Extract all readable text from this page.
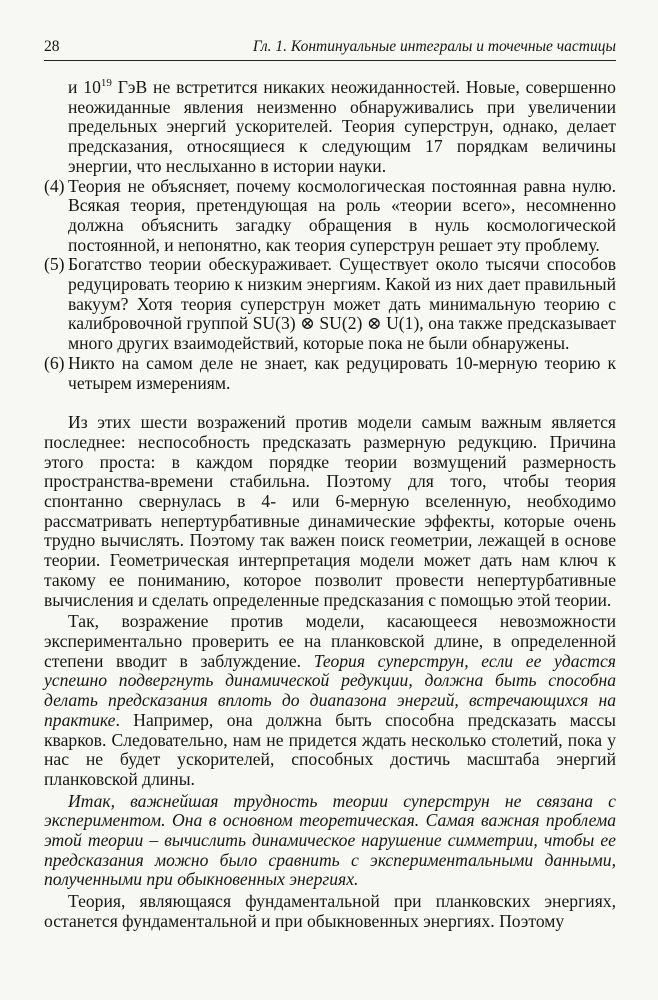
28	Гл. 1. Континуальные интегралы и точечные частицы

и $10^{19}$ ГэВ не встретится никаких неожиданностей. Новые, совершенно неожиданные явления неизменно обнаруживались при увеличении предельных энергий ускорителей. Теория суперструн, однако, делает предсказания, относящиеся к следующим 17 порядкам величины энергии, что неслыханно в истории науки.

(4) Теория не объясняет, почему космологическая постоянная равна нулю. Всякая теория, претендующая на роль «теории всего», несомненно должна объяснить загадку обращения в нуль космологической постоянной, и непонятно, как теория суперструн решает эту проблему.
(5) Богатство теории обескураживает. Существует около тысячи способов редуцировать теорию к низким энергиям. Какой из них дает правильный вакуум? Хотя теория суперструн может дать минимальную теорию с калибровочной группой SU(3) ⊗ SU(2) ⊗ U(1), она также предсказывает много других взаимодействий, которые пока не были обнаружены.
(6) Никто на самом деле не знает, как редуцировать 10-мерную теорию к четырем измерениям.

Из этих шести возражений против модели самым важным является последнее: неспособность предсказать размерную редукцию. Причина этого проста: в каждом порядке теории возмущений размерность пространства-времени стабильна. Поэтому для того, чтобы теория спонтанно свернулась в 4- или 6-мерную вселенную, необходимо рассматривать непертурбативные динамические эффекты, которые очень трудно вычислять. Поэтому так важен поиск геометрии, лежащей в основе теории. Геометрическая интерпретация модели может дать нам ключ к такому ее пониманию, которое позволит провести непертурбативные вычисления и сделать определенные предсказания с помощью этой теории.

Так, возражение против модели, касающееся невозможности экспериментально проверить ее на планковской длине, в определенной степени вводит в заблуждение. Теория суперструн, если ее удастся успешно подвергнуть динамической редукции, должна быть способна делать предсказания вплоть до диапазона энергий, встречающихся на практике. Например, она должна быть способна предсказать массы кварков. Следовательно, нам не придется ждать несколько столетий, пока у нас не будет ускорителей, способных достичь масштаба энергий планковской длины.

Итак, важнейшая трудность теории суперструн не связана с экспериментом. Она в основном теоретическая. Самая важная проблема этой теории – вычислить динамическое нарушение симметрии, чтобы ее предсказания можно было сравнить с экспериментальными данными, полученными при обыкновенных энергиях.

Теория, являющаяся фундаментальной при планковских энергиях, останется фундаментальной и при обыкновенных энергиях. Поэтому
